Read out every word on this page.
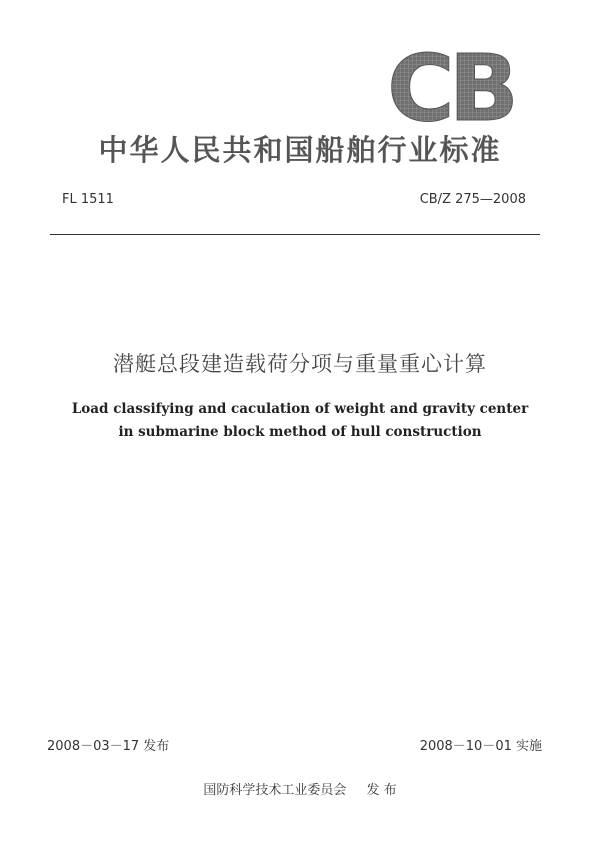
CB
中华人民共和国船舶行业标准
FL 1511	CB/Z 275—2008
潜艇总段建造载荷分项与重量重心计算
Load classifying and caculation of weight and gravity center
in submarine block method of hull construction
2008－03－17 发布	2008－10－01 实施
国防科学技术工业委员会 发 布
